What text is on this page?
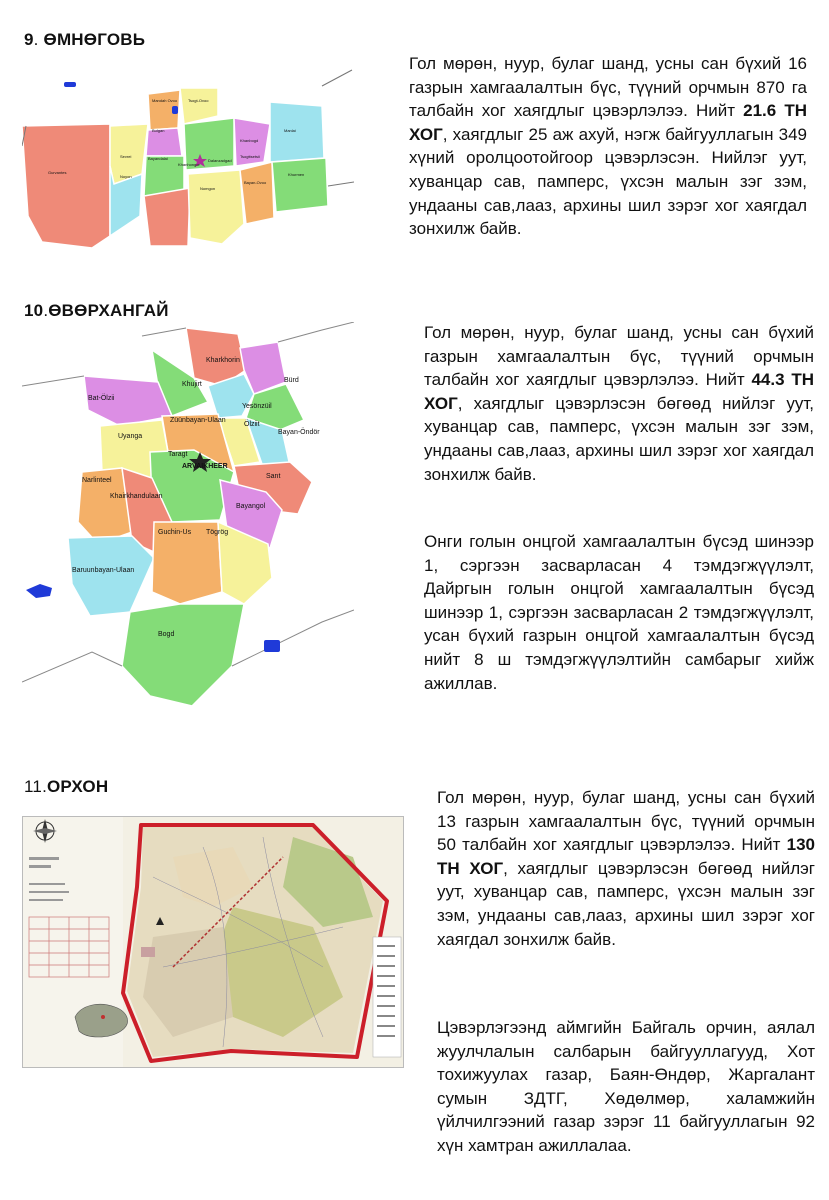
9. ӨМНӨГОВЬ
Mandah Ovoo	Tsogt-Ovoo
Bulgan
Khanbogd
Nomgon
Dalanzadgad
Manlai
Tsogttsetsii
Gurvantes
Sevrei
Noyon
Bayandalai
Khanhongor
Bayan-Ovoo
Khurmen

Гол мөрөн, нуур, булаг шанд, усны сан бүхий 16 газрын хамгаалалтын бүс, түүний орчмын 870 га талбайн хог хаягдлыг цэвэрлэлээ. Нийт 21.6 ТН ХОГ, хаягдлыг 25 аж ахуй, нэгж байгууллагын 349 хүний оролцоотойгоор цэвэрлэсэн. Нийлэг уут, хуванцар сав, памперс, үхсэн малын зэг зэм, ундааны сав,лааз, архины шил зэрэг хог хаягдал зонхилж байв.

10.ӨВӨРХАНГАЙ
Kharkhorin
Bürd
Khujirt
Bat-Ölzii
Yesönzüil
Ölziit
Bayan-Öndör
Züünbayan-Ulaan
Uyanga
Taragt
ARVAIKHEER
Sant
Narlinteel
Khairkhandulaan
Bayangol
Baruunbayan-Ulaan
Guchin-Us Tögrög
Bogd

Гол мөрөн, нуур, булаг шанд, усны сан бүхий газрын хамгаалалтын бүс, түүний орчмын талбайн хог хаягдлыг цэвэрлэлээ. Нийт 44.3 ТН ХОГ, хаягдлыг цэвэрлэсэн бөгөөд нийлэг уут, хуванцар сав, памперс, үхсэн малын зэг зэм, ундааны сав,лааз, архины шил зэрэг хог хаягдал зонхилж байв.

Онги голын онцгой хамгаалалтын бүсэд шинээр 1, сэргээн засварласан 4 тэмдэгжүүлэлт, Дайргын голын онцгой хамгаалалтын бүсэд шинээр 1, сэргээн засварласан 2 тэмдэгжүүлэлт, усан бүхий газрын онцгой хамгаалалтын бүсэд нийт 8 ш тэмдэгжүүлэлтийн самбарыг хийж ажиллав.

11.ОРХОН

Гол мөрөн, нуур, булаг шанд, усны сан бүхий 13 газрын хамгаалалтын бүс, түүний орчмын 50 талбайн хог хаягдлыг цэвэрлэлээ. Нийт 130 ТН ХОГ, хаягдлыг цэвэрлэсэн бөгөөд нийлэг уут, хуванцар сав, памперс, үхсэн малын зэг зэм, ундааны сав,лааз, архины шил зэрэг хог хаягдал зонхилж байв.

Цэвэрлэгээнд аймгийн Байгаль орчин, аялал жуулчлалын салбарын байгууллагууд, Хот тохижуулах газар, Баян-Өндөр, Жаргалант сумын ЗДТГ, Хөдөлмөр, халамжийн үйлчилгээний газар зэрэг 11 байгууллагын 92 хүн хамтран ажиллалаа.
